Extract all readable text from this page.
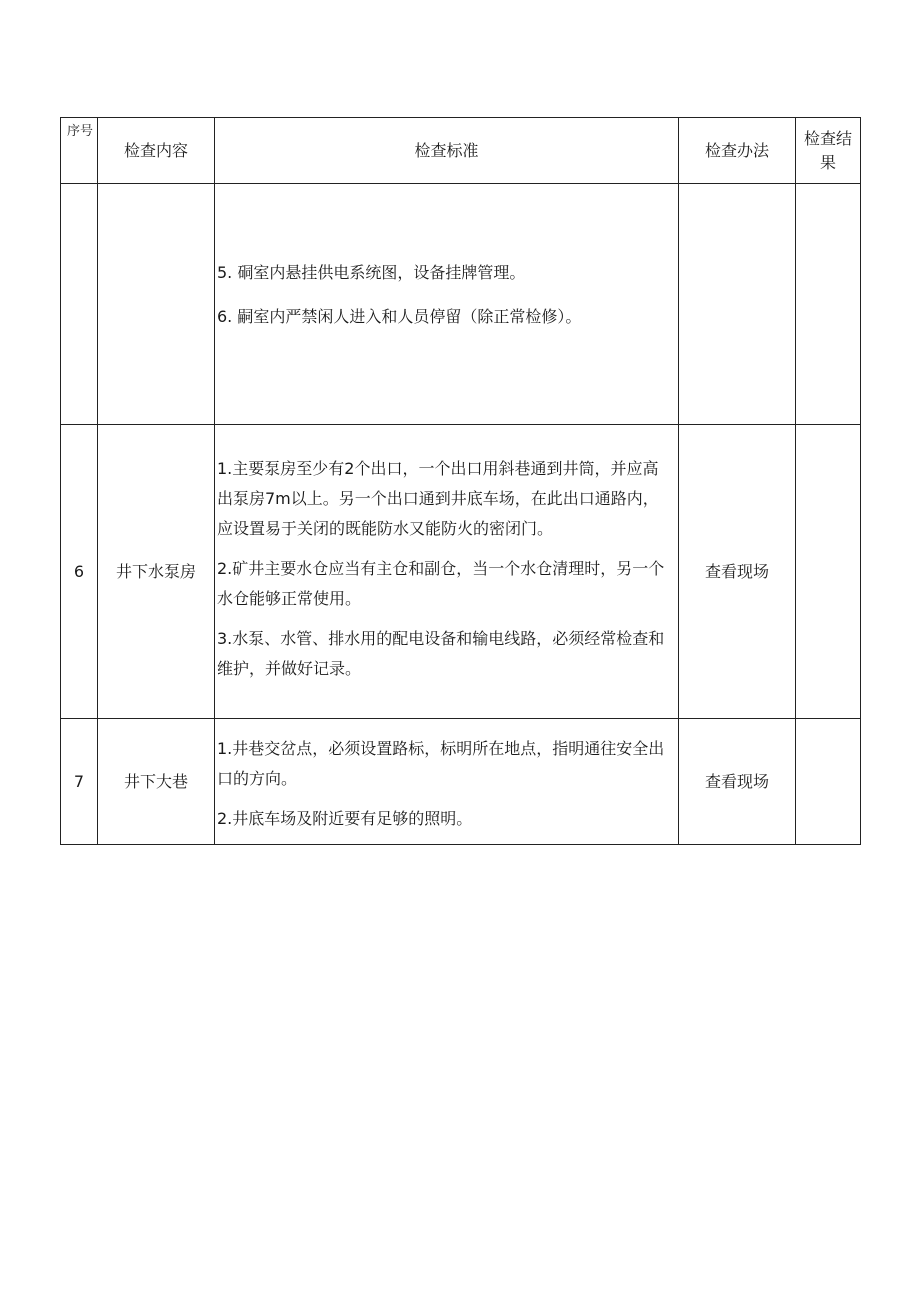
序号	检查内容	检查标准	检查办法	检查结
果

		5. 硐室内悬挂供电系统图，设备挂牌管理。

6. 嗣室内严禁闲人进入和人员停留（除正常检修）。		

6	井下水泵房	1.主要泵房至少有2个出口，一个出口用斜巷通到井筒，并应高出泵房7m以上。另一个出口通到井底车场，在此出口通路内，应设置易于关闭的既能防水又能防火的密闭门。

2.矿井主要水仓应当有主仓和副仓，当一个水仓清理时，另一个水仓能够正常使用。

3.水泵、水管、排水用的配电设备和输电线路，必须经常检查和维护，并做好记录。	查看现场	
7	井下大巷	1.井巷交岔点，必须设置路标，标明所在地点，指明通往安全出口的方向。

2.井底车场及附近要有足够的照明。	查看现场	
